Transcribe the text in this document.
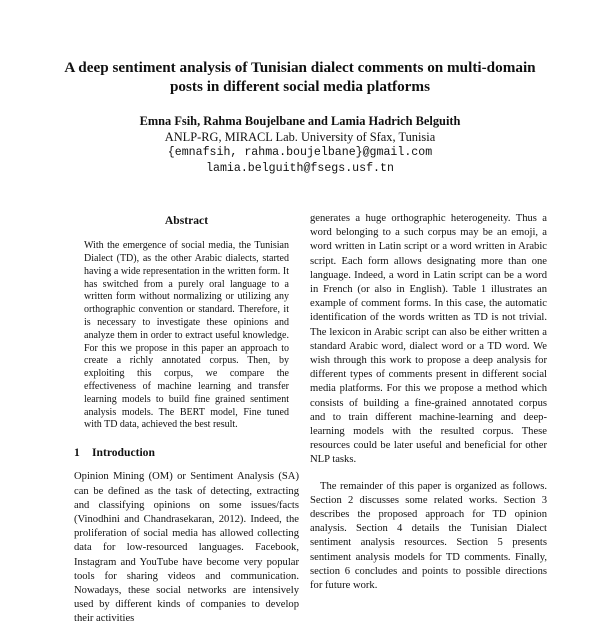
A deep sentiment analysis of Tunisian dialect comments on multi-domain
posts in different social media platforms
Emna Fsih, Rahma Boujelbane and Lamia Hadrich Belguith
ANLP-RG, MIRACL Lab. University of Sfax, Tunisia
{emnafsih, rahma.boujelbane}@gmail.com
lamia.belguith@fsegs.usf.tn
Abstract
With the emergence of social media, the Tunisian Dialect (TD), as the other Arabic dialects, started having a wide representation in the written form. It has switched from a purely oral language to a written form without normalizing or utilizing any orthographic convention or standard. Therefore, it is necessary to investigate these opinions and analyze them in order to extract useful knowledge. For this we propose in this paper an approach to create a richly annotated corpus. Then, by exploiting this corpus, we compare the effectiveness of machine learning and transfer learning models to build fine grained sentiment analysis models. The BERT model, Fine tuned with TD data, achieved the best result.
1 Introduction
Opinion Mining (OM) or Sentiment Analysis (SA) can be defined as the task of detecting, extracting and classifying opinions on some issues/facts (Vinodhini and Chandrasekaran, 2012). Indeed, the proliferation of social media has allowed collecting data for low-resourced languages. Facebook, Instagram and YouTube have become very popular tools for sharing videos and communication. Nowadays, these social networks are intensively used by different kinds of companies to develop their activities
generates a huge orthographic heterogeneity. Thus a word belonging to a such corpus may be an emoji, a word written in Latin script or a word written in Arabic script. Each form allows designating more than one language. Indeed, a word in Latin script can be a word in French (or also in English). Table 1 illustrates an example of comment forms. In this case, the automatic identification of the words written as TD is not trivial. The lexicon in Arabic script can also be either written a standard Arabic word, dialect word or a TD word. We wish through this work to propose a deep analysis for different types of comments present in different social media platforms. For this we propose a method which consists of building a fine-grained annotated corpus and to train different machine-learning and deep-learning models with the resulted corpus. These resources could be later useful and beneficial for other NLP tasks.
The remainder of this paper is organized as follows. Section 2 discusses some related works. Section 3 describes the proposed approach for TD opinion analysis. Section 4 details the Tunisian Dialect sentiment analysis resources. Section 5 presents sentiment analysis models for TD comments. Finally, section 6 concludes and points to possible directions for future work.
